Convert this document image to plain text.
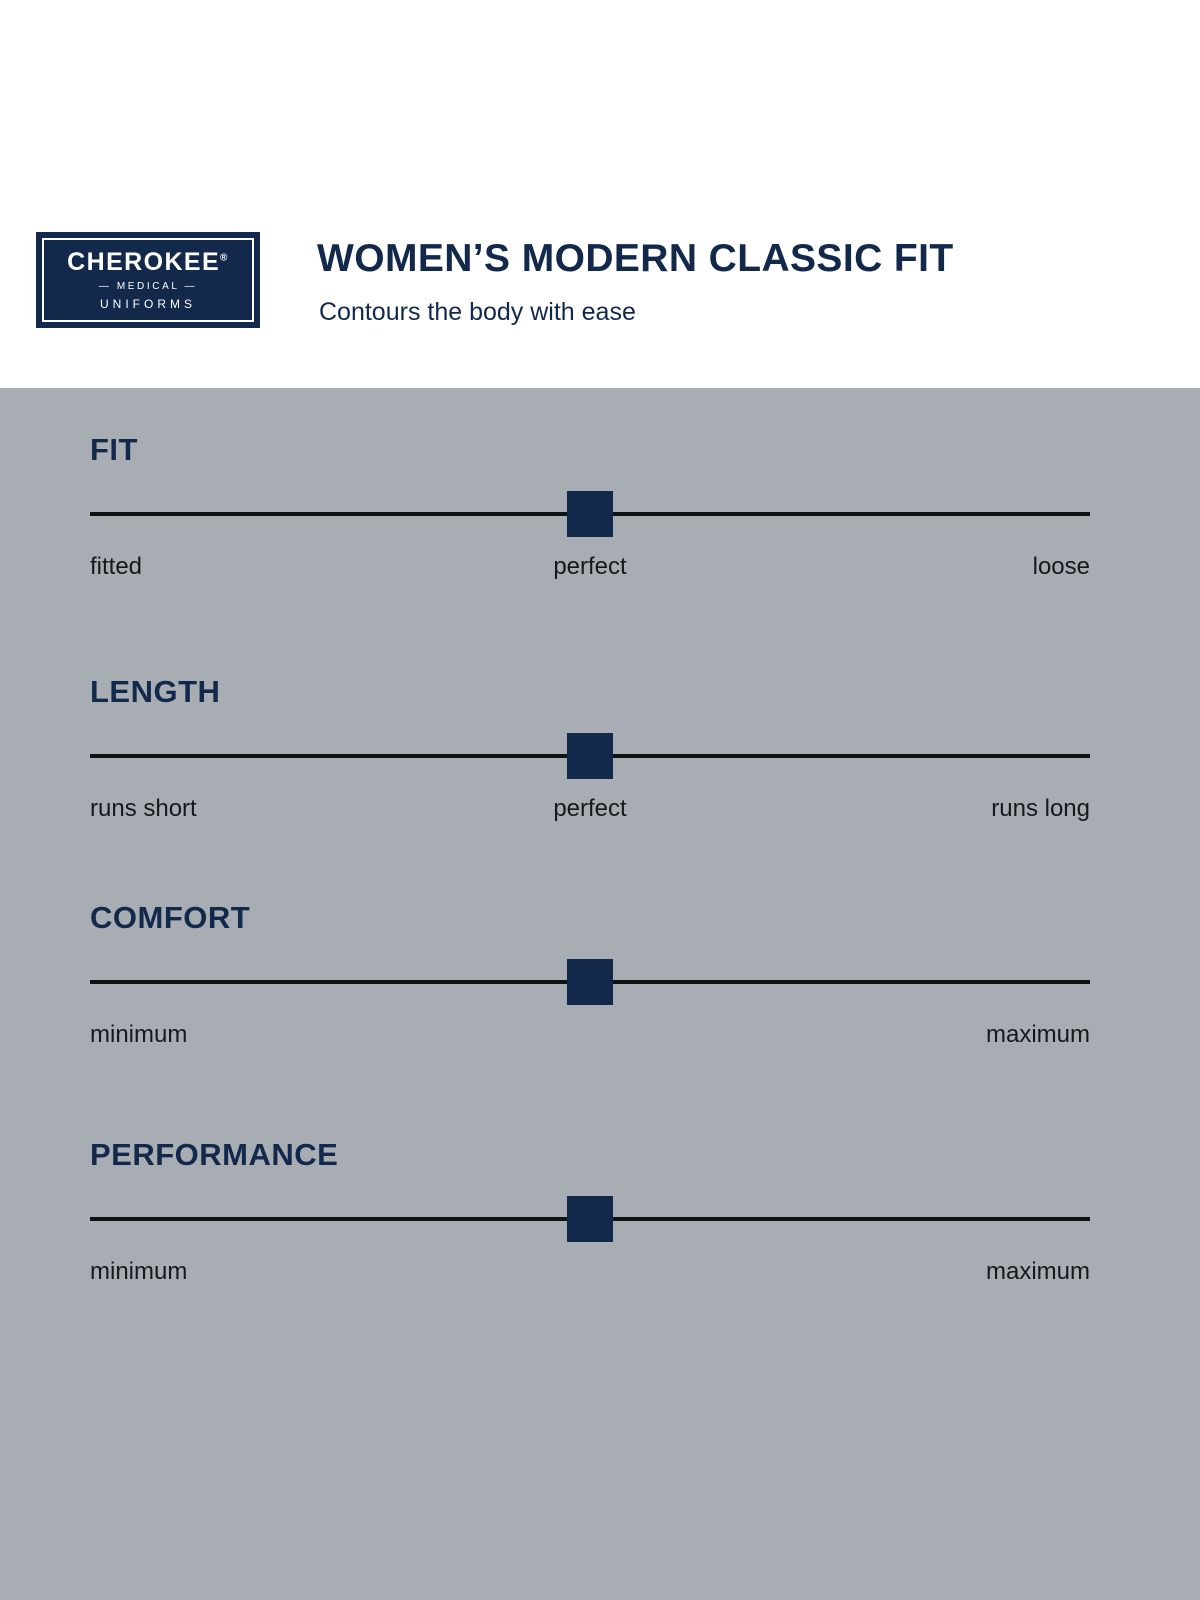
CHEROKEE®
— MEDICAL —
UNIFORMS
WOMEN’S MODERN CLASSIC FIT
Contours the body with ease
FIT
fitted	perfect	loose
LENGTH
runs short	perfect	runs long
COMFORT
minimum	maximum
PERFORMANCE
minimum	maximum
